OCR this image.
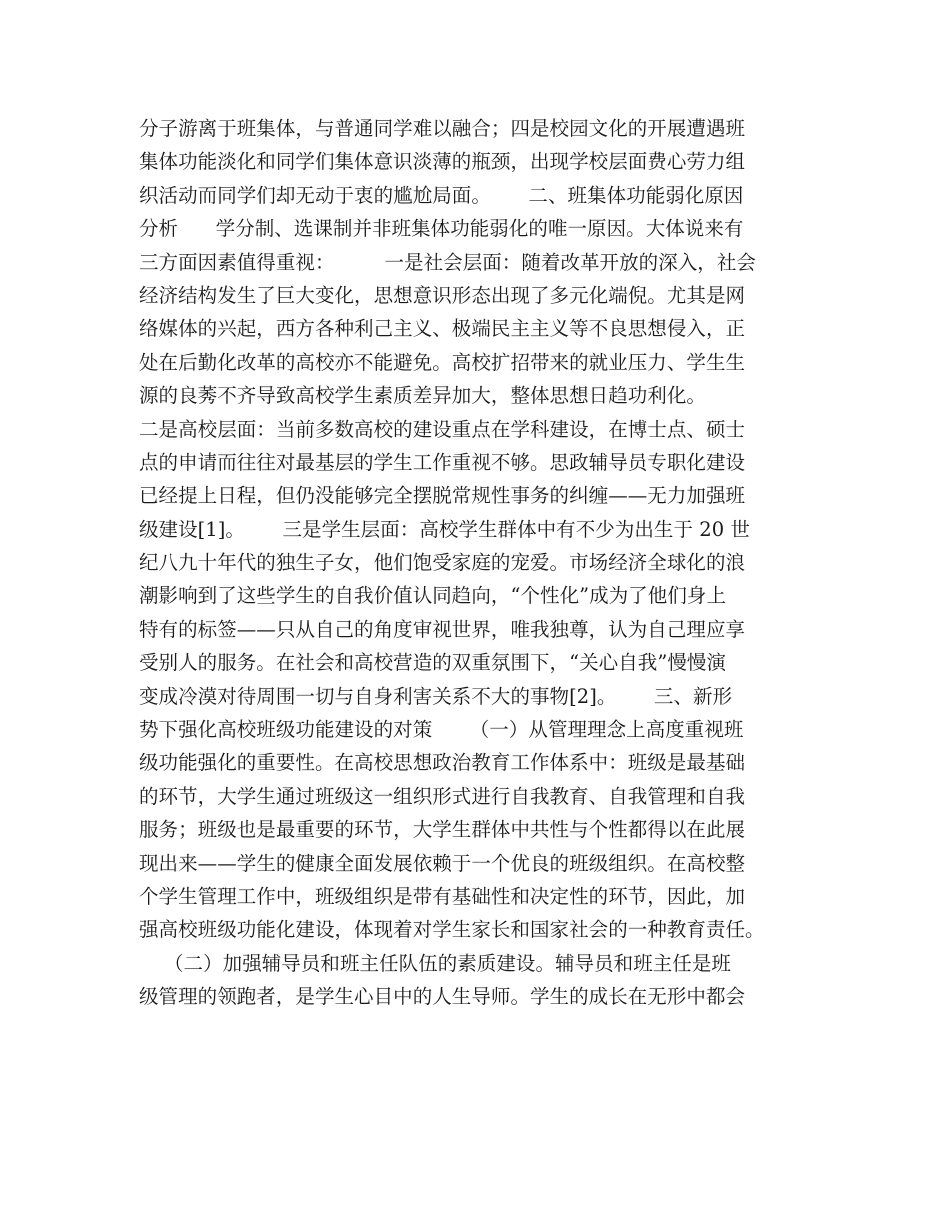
分子游离于班集体，与普通同学难以融合；四是校园文化的开展遭遇班
集体功能淡化和同学们集体意识淡薄的瓶颈，出现学校层面费心劳力组
织活动而同学们却无动于衷的尴尬局面。      二、班集体功能弱化原因
分析      学分制、选课制并非班集体功能弱化的唯一原因。大体说来有
三方面因素值得重视：        一是社会层面：随着改革开放的深入，社会
经济结构发生了巨大变化，思想意识形态出现了多元化端倪。尤其是网
络媒体的兴起，西方各种利己主义、极端民主主义等不良思想侵入，正
处在后勤化改革的高校亦不能避免。高校扩招带来的就业压力、学生生
源的良莠不齐导致高校学生素质差异加大，整体思想日趋功利化。
二是高校层面：当前多数高校的建设重点在学科建设，在博士点、硕士
点的申请而往往对最基层的学生工作重视不够。思政辅导员专职化建设
已经提上日程，但仍没能够完全摆脱常规性事务的纠缠——无力加强班
级建设[1]。      三是学生层面：高校学生群体中有不少为出生于 20 世
纪八九十年代的独生子女，他们饱受家庭的宠爱。市场经济全球化的浪
潮影响到了这些学生的自我价值认同趋向，“个性化”成为了他们身上
特有的标签——只从自己的角度审视世界，唯我独尊，认为自己理应享
受别人的服务。在社会和高校营造的双重氛围下，“关心自我”慢慢演
变成冷漠对待周围一切与自身利害关系不大的事物[2]。      三、新形
势下强化高校班级功能建设的对策      （一）从管理理念上高度重视班
级功能强化的重要性。在高校思想政治教育工作体系中：班级是最基础
的环节，大学生通过班级这一组织形式进行自我教育、自我管理和自我
服务；班级也是最重要的环节，大学生群体中共性与个性都得以在此展
现出来——学生的健康全面发展依赖于一个优良的班级组织。在高校整
个学生管理工作中，班级组织是带有基础性和决定性的环节，因此，加
强高校班级功能化建设，体现着对学生家长和国家社会的一种教育责任。
（二）加强辅导员和班主任队伍的素质建设。辅导员和班主任是班
级管理的领跑者，是学生心目中的人生导师。学生的成长在无形中都会
